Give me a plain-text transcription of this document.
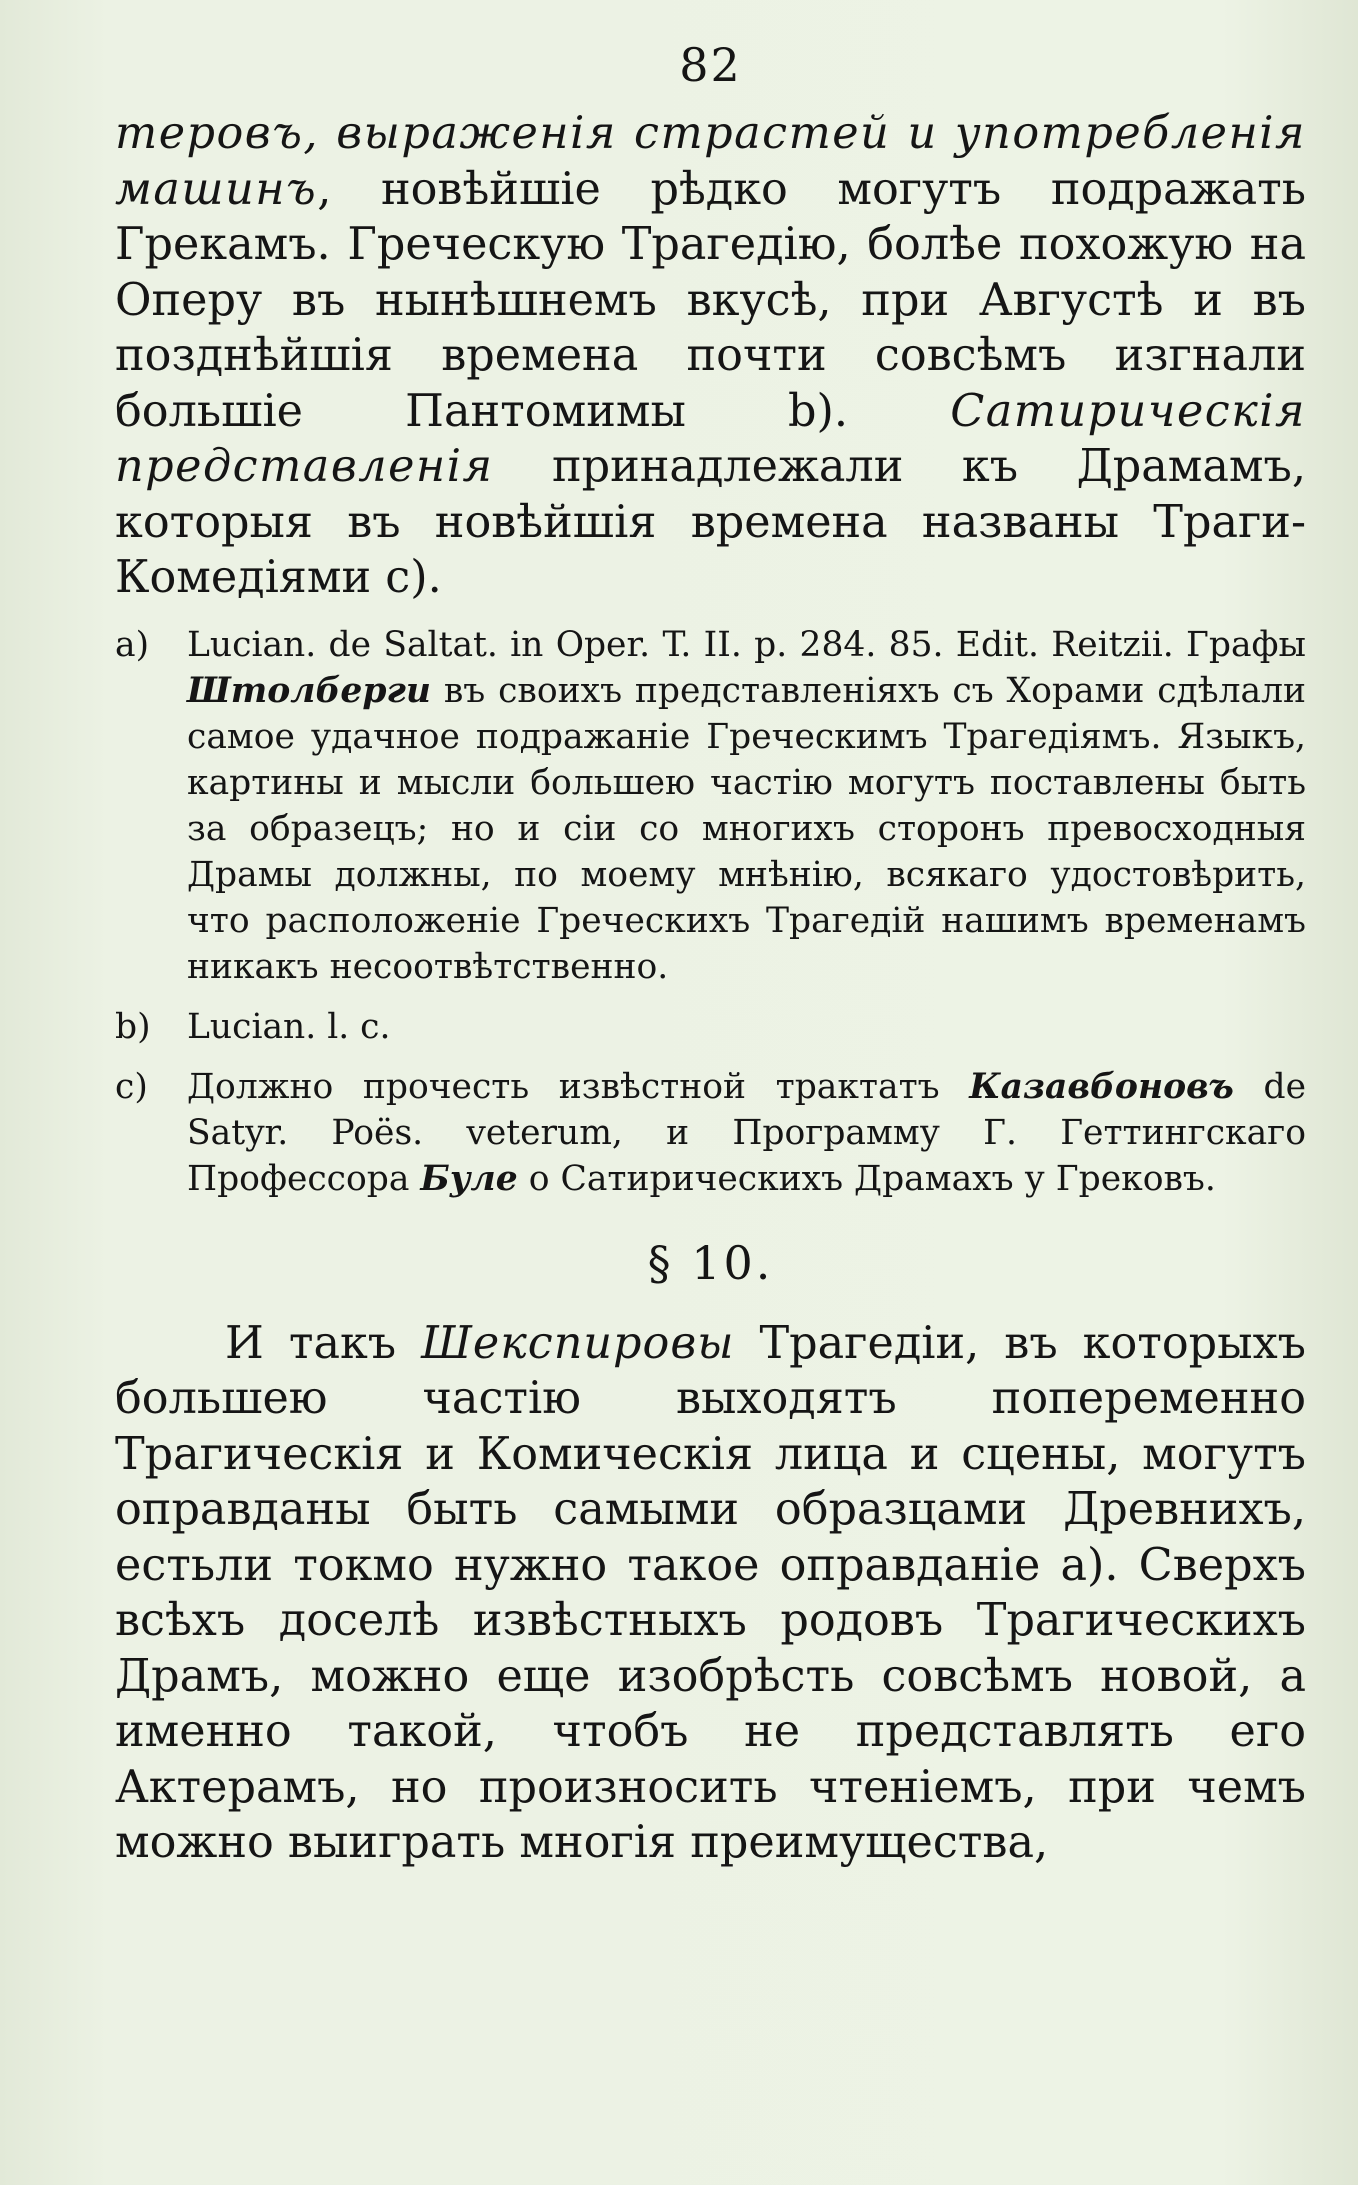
82

теровъ, выраженія страстей и употребленія машинъ, новѣйшіе рѣдко могутъ подражать Грекамъ. Греческую Трагедію, болѣе похожую на Оперу въ нынѣшнемъ вкусѣ, при Августѣ и въ позднѣйшія времена почти совсѣмъ изгнали большіе Пантомимы b). Сатирическія представленія принадлежали къ Драмамъ, которыя въ новѣйшія времена названы Траги-Комедіями c).

a) Lucian. de Saltat. in Oper. T. II. p. 284. 85. Edit. Reitzii. Графы Штолберги въ своихъ представленіяхъ съ Хорами сдѣлали самое удачное подражаніе Греческимъ Трагедіямъ. Языкъ, картины и мысли большею частію могутъ поставлены быть за образецъ; но и сіи со многихъ сторонъ превосходныя Драмы должны, по моему мнѣнію, всякаго удостовѣрить, что расположеніе Греческихъ Трагедій нашимъ временамъ никакъ несоотвѣтственно.

b) Lucian. l. c.

c) Должно прочесть извѣстной трактатъ Казавбоновъ de Satyr. Poës. veterum, и Программу Г. Геттингскаго Профессора Буле о Сатирическихъ Драмахъ у Грековъ.

§ 10.

И такъ Шекспировы Трагедіи, въ которыхъ большею частію выходятъ попеременно Трагическія и Комическія лица и сцены, могутъ оправданы быть самыми образцами Древнихъ, естьли токмо нужно такое оправданіе a). Сверхъ всѣхъ доселѣ извѣстныхъ родовъ Трагическихъ Драмъ, можно еще изобрѣсть совсѣмъ новой, а именно такой, чтобъ не представлять его Актерамъ, но произносить чтеніемъ, при чемъ можно выиграть многія преимущества,
